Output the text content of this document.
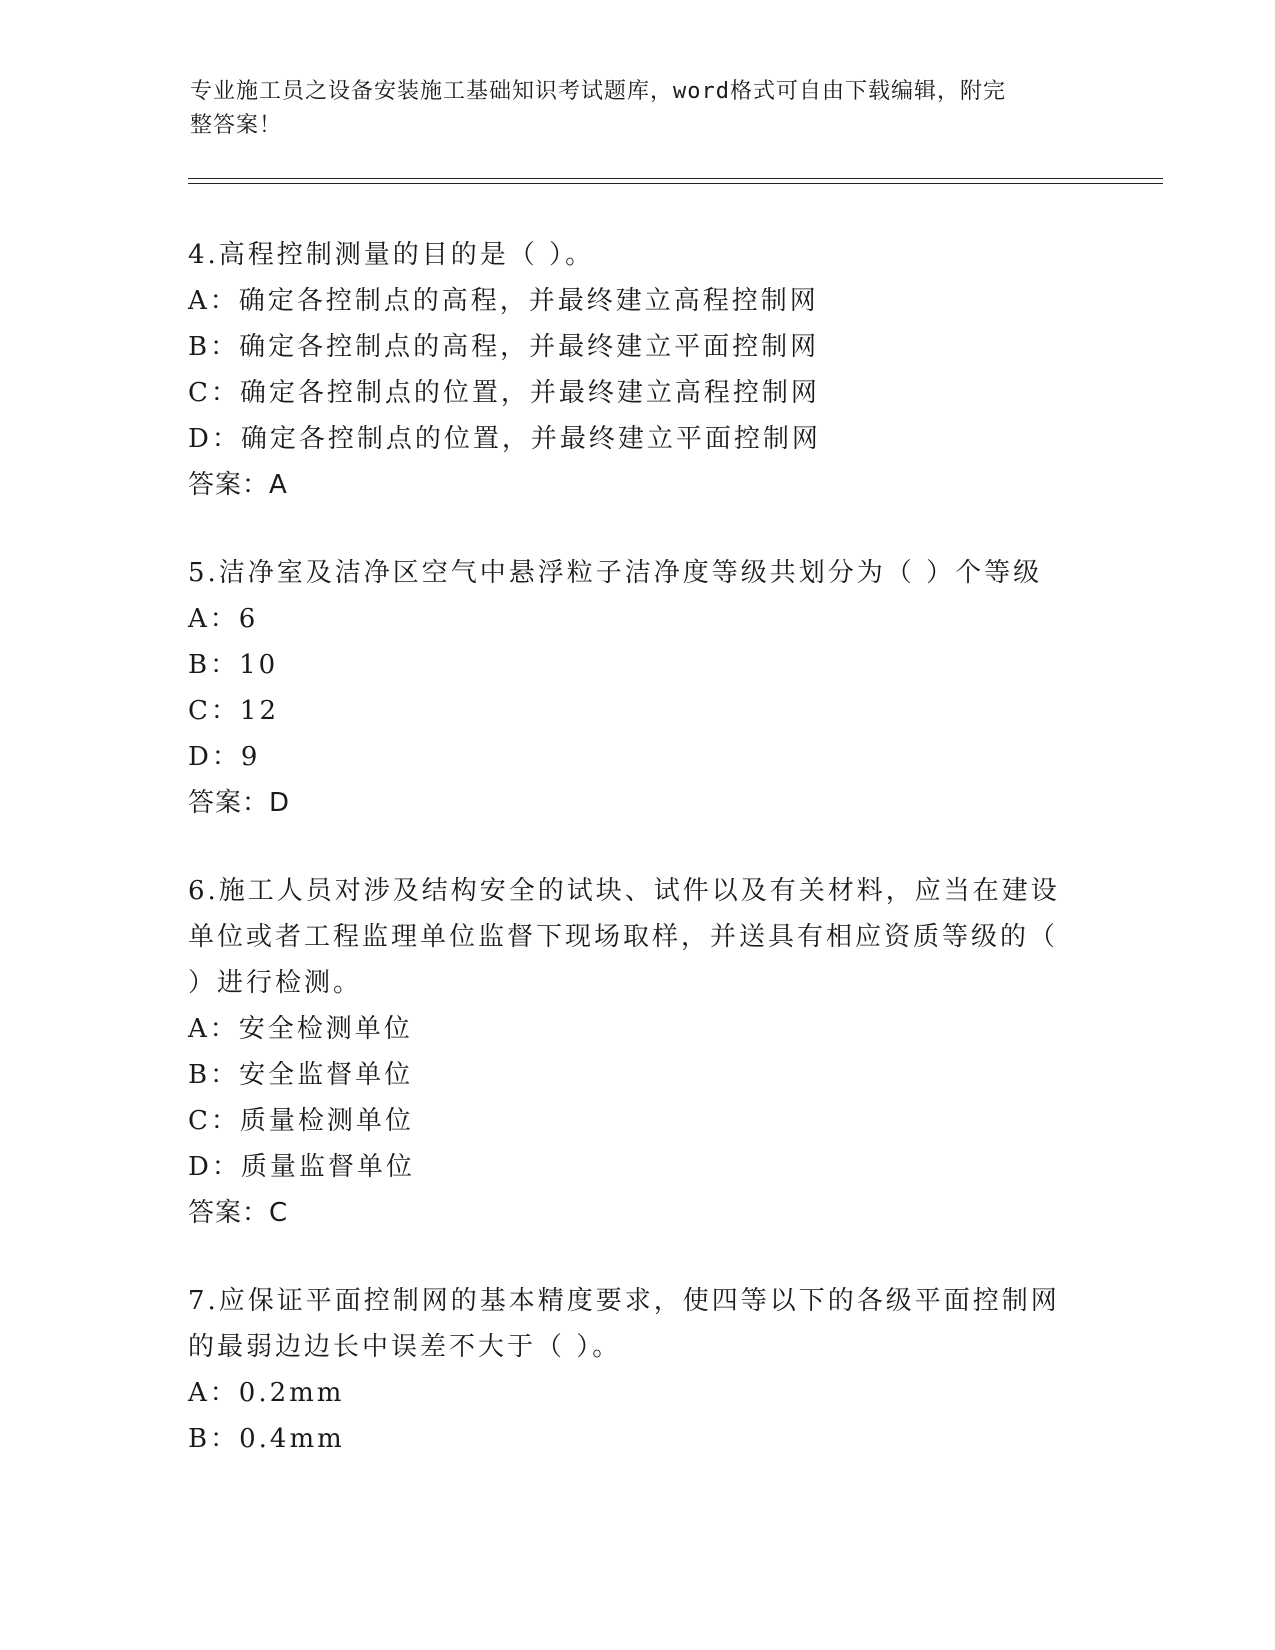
专业施工员之设备安装施工基础知识考试题库，word格式可自由下载编辑，附完
整答案！
4.高程控制测量的目的是（ ）。
A：确定各控制点的高程，并最终建立高程控制网
B：确定各控制点的高程，并最终建立平面控制网
C：确定各控制点的位置，并最终建立高程控制网
D：确定各控制点的位置，并最终建立平面控制网
答案：A
5.洁净室及洁净区空气中悬浮粒子洁净度等级共划分为（ ）个等级
A：6
B：10
C：12
D：9
答案：D
6.施工人员对涉及结构安全的试块、试件以及有关材料，应当在建设
单位或者工程监理单位监督下现场取样，并送具有相应资质等级的（
）进行检测。
A：安全检测单位
B：安全监督单位
C：质量检测单位
D：质量监督单位
答案：C
7.应保证平面控制网的基本精度要求，使四等以下的各级平面控制网
的最弱边边长中误差不大于（ ）。
A：0.2mm
B：0.4mm
